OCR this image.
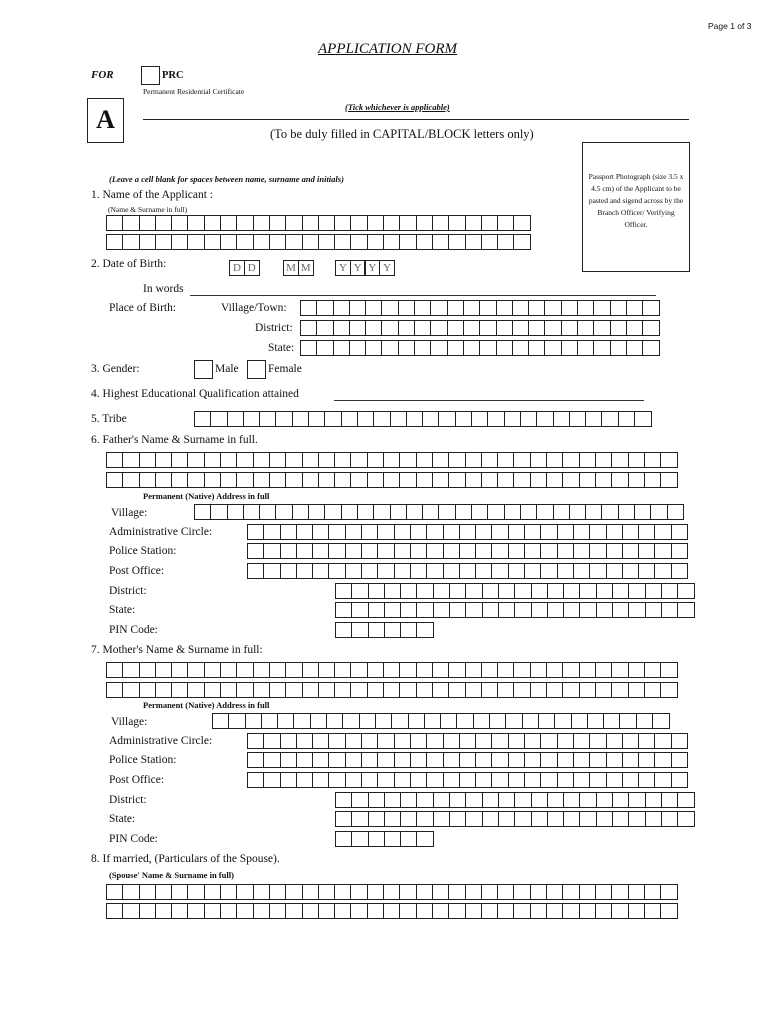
Page 1 of 3
APPLICATION FORM
FOR	PRC
Permanent Residential Certificate
(Tick whichever is applicable)
A	(To be duly filled in CAPITAL/BLOCK letters only)
Passport Photograph (size 3.5 x 4.5 cm) of the Applicant to be pasted and sigend across by the Branch Officer/ Verifying Officer.
(Leave a cell blank for spaces between name, surname and initials)
1. Name of the Applicant :
(Name & Surname in full)
2. Date of Birth:	D D	M M	Y Y Y Y
In words
Place of Birth:	Village/Town:
District:
State:
3. Gender:	Male	Female
4. Highest Educational Qualification attained
5. Tribe
6. Father's Name & Surname in full.
Permanent (Native) Address in full
Village:
Administrative Circle:
Police Station:
Post Office:
District:
State:
PIN Code:
7. Mother's Name & Surname in full:
Permanent (Native) Address in full
Village:
Administrative Circle:
Police Station:
Post Office:
District:
State:
PIN Code:
8. If married, (Particulars of the Spouse).
(Spouse' Name & Surname in full)
